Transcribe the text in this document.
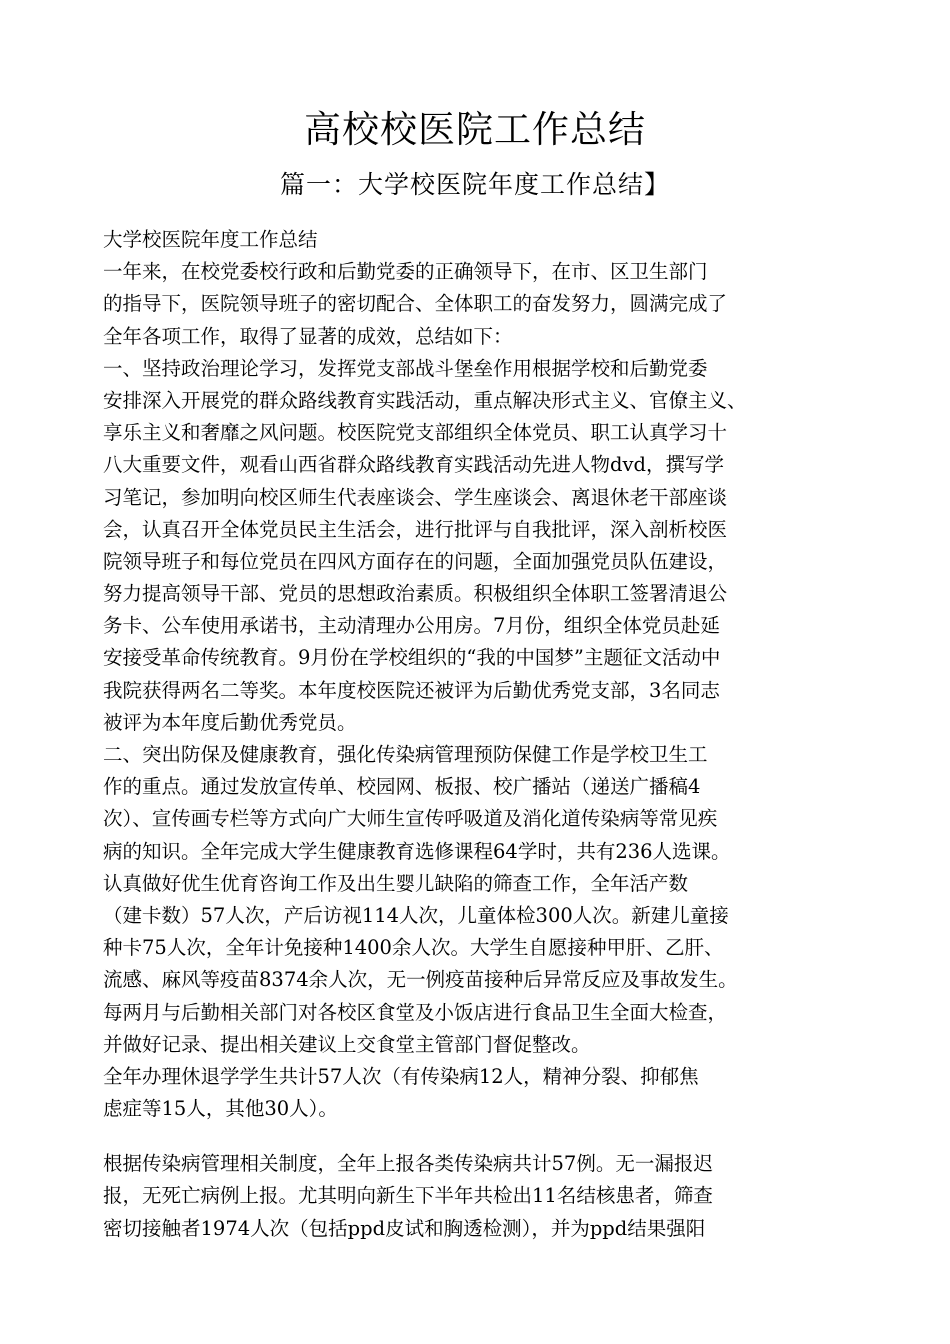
高校校医院工作总结
篇一：大学校医院年度工作总结】
大学校医院年度工作总结
一年来，在校党委校行政和后勤党委的正确领导下，在市、区卫生部门
的指导下，医院领导班子的密切配合、全体职工的奋发努力，圆满完成了
全年各项工作，取得了显著的成效，总结如下：
一、坚持政治理论学习，发挥党支部战斗堡垒作用根据学校和后勤党委
安排深入开展党的群众路线教育实践活动，重点解决形式主义、官僚主义、
享乐主义和奢靡之风问题。校医院党支部组织全体党员、职工认真学习十
八大重要文件，观看山西省群众路线教育实践活动先进人物dvd，撰写学
习笔记，参加明向校区师生代表座谈会、学生座谈会、离退休老干部座谈
会，认真召开全体党员民主生活会，进行批评与自我批评，深入剖析校医
院领导班子和每位党员在四风方面存在的问题，全面加强党员队伍建设，
努力提高领导干部、党员的思想政治素质。积极组织全体职工签署清退公
务卡、公车使用承诺书，主动清理办公用房。7月份，组织全体党员赴延
安接受革命传统教育。9月份在学校组织的“我的中国梦”主题征文活动中
我院获得两名二等奖。本年度校医院还被评为后勤优秀党支部，3名同志
被评为本年度后勤优秀党员。
二、突出防保及健康教育，强化传染病管理预防保健工作是学校卫生工
作的重点。通过发放宣传单、校园网、板报、校广播站（递送广播稿4
次）、宣传画专栏等方式向广大师生宣传呼吸道及消化道传染病等常见疾
病的知识。全年完成大学生健康教育选修课程64学时，共有236人选课。
认真做好优生优育咨询工作及出生婴儿缺陷的筛查工作，全年活产数
（建卡数）57人次，产后访视114人次，儿童体检300人次。新建儿童接
种卡75人次，全年计免接种1400余人次。大学生自愿接种甲肝、乙肝、
流感、麻风等疫苗8374余人次，无一例疫苗接种后异常反应及事故发生。
每两月与后勤相关部门对各校区食堂及小饭店进行食品卫生全面大检查，
并做好记录、提出相关建议上交食堂主管部门督促整改。
全年办理休退学学生共计57人次（有传染病12人，精神分裂、抑郁焦
虑症等15人，其他30人）。
根据传染病管理相关制度，全年上报各类传染病共计57例。无一漏报迟
报，无死亡病例上报。尤其明向新生下半年共检出11名结核患者，筛查
密切接触者1974人次（包括ppd皮试和胸透检测），并为ppd结果强阳
